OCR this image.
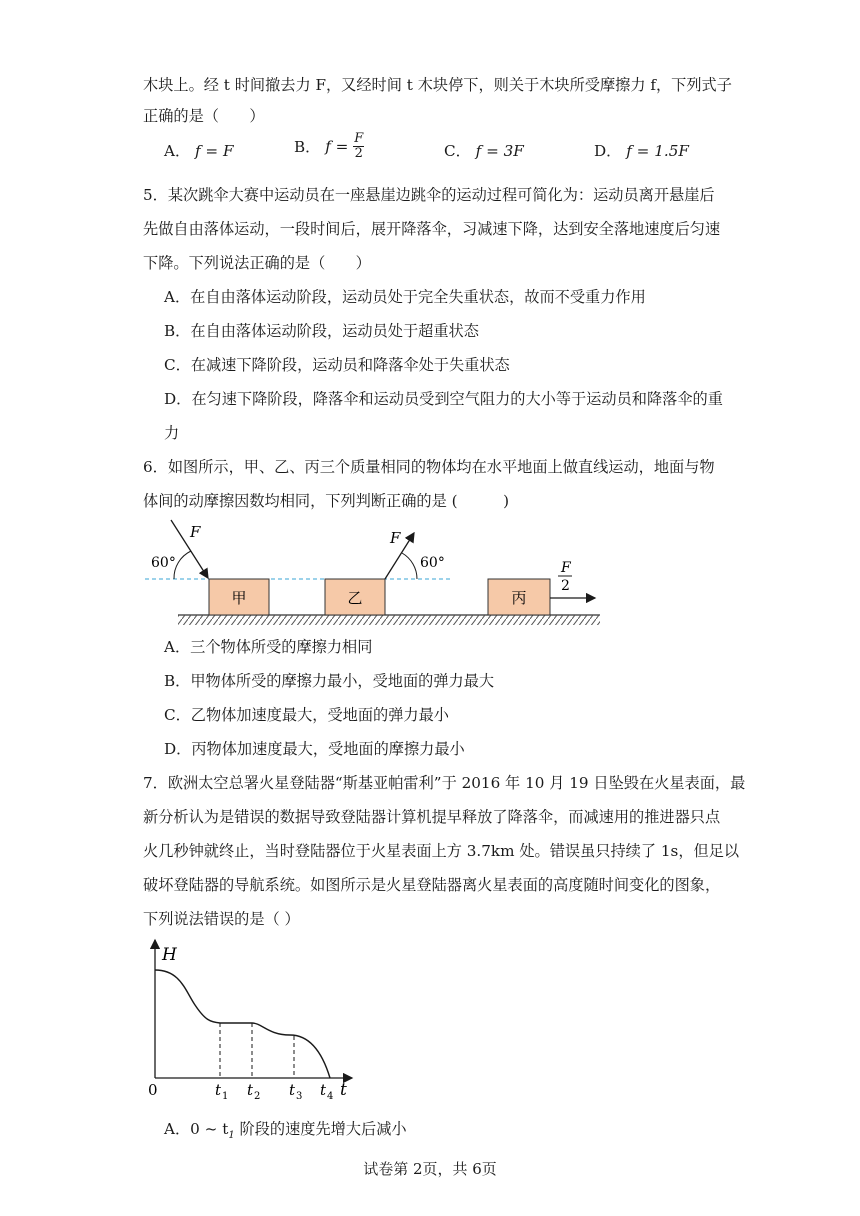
木块上。经 t 时间撤去力 F，又经时间 t 木块停下，则关于木块所受摩擦力 f，下列式子
正确的是（　　）
A． f = F	B． $f = \frac{F}{2}$	C． f = 3F	D． f = 1.5F
5．某次跳伞大赛中运动员在一座悬崖边跳伞的运动过程可简化为：运动员离开悬崖后
先做自由落体运动，一段时间后，展开降落伞，习减速下降，达到安全落地速度后匀速
下降。下列说法正确的是（　　）
A．在自由落体运动阶段，运动员处于完全失重状态，故而不受重力作用
B．在自由落体运动阶段，运动员处于超重状态
C．在减速下降阶段，运动员和降落伞处于失重状态
D．在匀速下降阶段，降落伞和运动员受到空气阻力的大小等于运动员和降落伞的重
力
6．如图所示，甲、乙、丙三个质量相同的物体均在水平地面上做直线运动，地面与物
体间的动摩擦因数均相同，下列判断正确的是 (　　　)
甲
F
60°
乙
F
60°
丙
F
2
A．三个物体所受的摩擦力相同
B．甲物体所受的摩擦力最小，受地面的弹力最大
C．乙物体加速度最大，受地面的弹力最小
D．丙物体加速度最大，受地面的摩擦力最小
7．欧洲太空总署火星登陆器“斯基亚帕雷利”于 2016 年 10 月 19 日坠毁在火星表面，最
新分析认为是错误的数据导致登陆器计算机提早释放了降落伞，而减速用的推进器只点
火几秒钟就终止，当时登陆器位于火星表面上方 3.7km 处。错误虽只持续了 1s，但足以
破坏登陆器的导航系统。如图所示是火星登陆器离火星表面的高度随时间变化的图象，
下列说法错误的是（ ）
H
t
0	t t t t
1	2	3 4
A．0 ~ $t_1$ 阶段的速度先增大后减小
试卷第 2页，共 6页
